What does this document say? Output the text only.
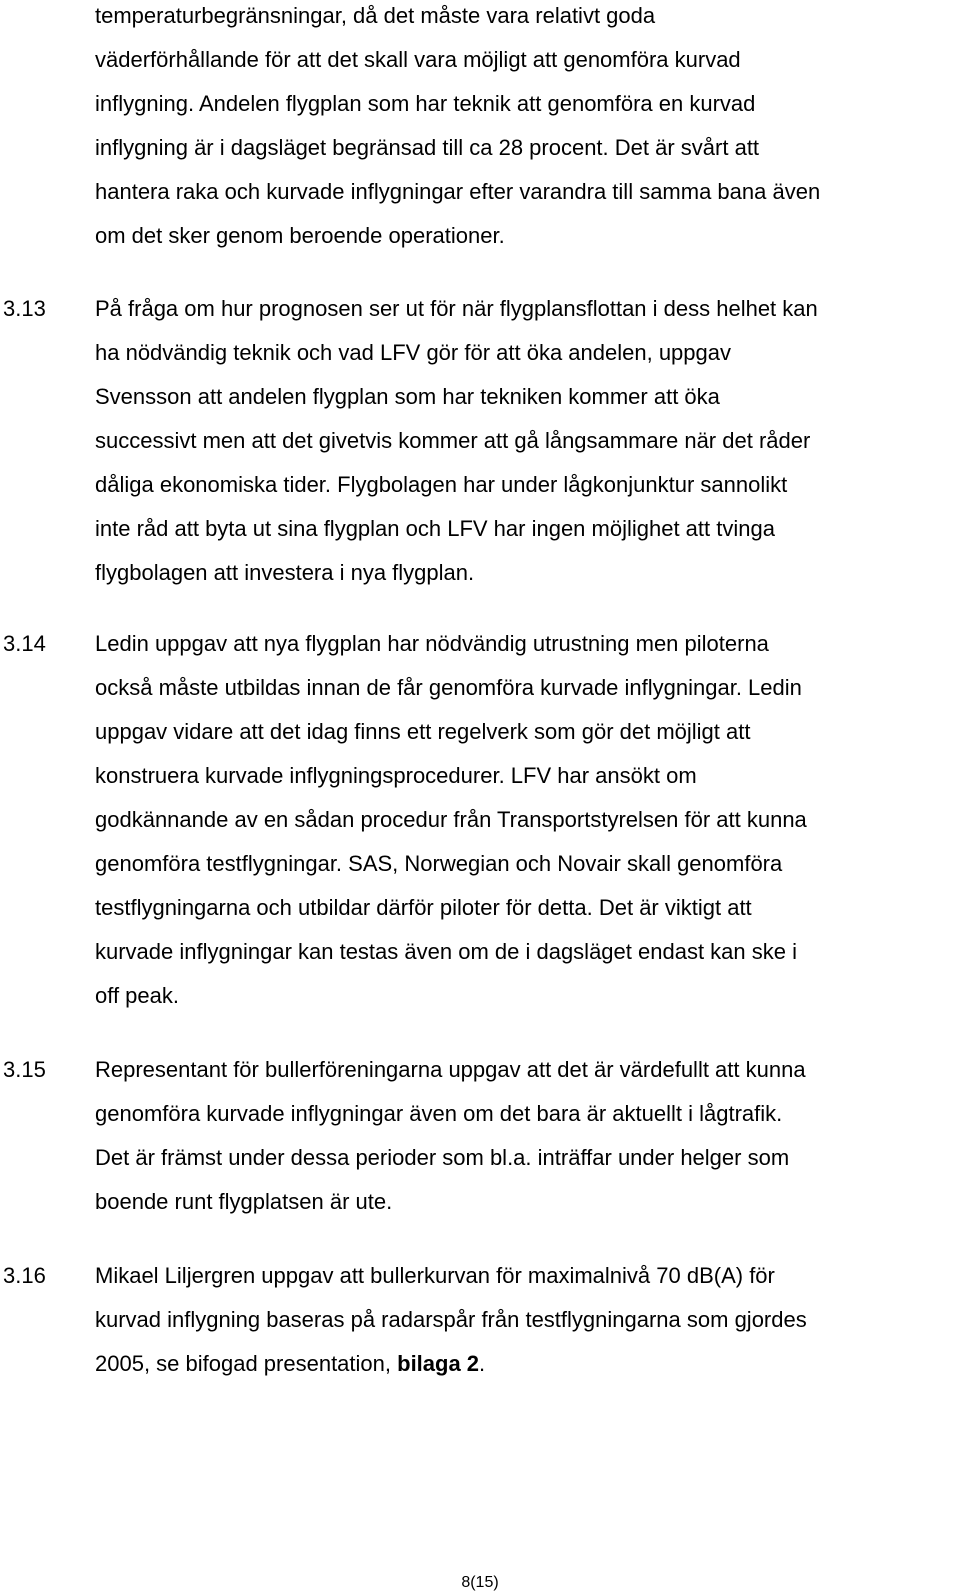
temperaturbegränsningar, då det måste vara relativt goda
väderförhållande för att det skall vara möjligt att genomföra kurvad
inflygning. Andelen flygplan som har teknik att genomföra en kurvad
inflygning är i dagsläget begränsad till ca 28 procent. Det är svårt att
hantera raka och kurvade inflygningar efter varandra till samma bana även
om det sker genom beroende operationer.
3.13 På fråga om hur prognosen ser ut för när flygplansflottan i dess helhet kan
ha nödvändig teknik och vad LFV gör för att öka andelen, uppgav
Svensson att andelen flygplan som har tekniken kommer att öka
successivt men att det givetvis kommer att gå långsammare när det råder
dåliga ekonomiska tider. Flygbolagen har under lågkonjunktur sannolikt
inte råd att byta ut sina flygplan och LFV har ingen möjlighet att tvinga
flygbolagen att investera i nya flygplan.
3.14 Ledin uppgav att nya flygplan har nödvändig utrustning men piloterna
också måste utbildas innan de får genomföra kurvade inflygningar. Ledin
uppgav vidare att det idag finns ett regelverk som gör det möjligt att
konstruera kurvade inflygningsprocedurer. LFV har ansökt om
godkännande av en sådan procedur från Transportstyrelsen för att kunna
genomföra testflygningar. SAS, Norwegian och Novair skall genomföra
testflygningarna och utbildar därför piloter för detta. Det är viktigt att
kurvade inflygningar kan testas även om de i dagsläget endast kan ske i
off peak.
3.15 Representant för bullerföreningarna uppgav att det är värdefullt att kunna
genomföra kurvade inflygningar även om det bara är aktuellt i lågtrafik.
Det är främst under dessa perioder som bl.a. inträffar under helger som
boende runt flygplatsen är ute.
3.16 Mikael Liljergren uppgav att bullerkurvan för maximalnivå 70 dB(A) för
kurvad inflygning baseras på radarspår från testflygningarna som gjordes
2005, se bifogad presentation, bilaga 2.
8(15)
